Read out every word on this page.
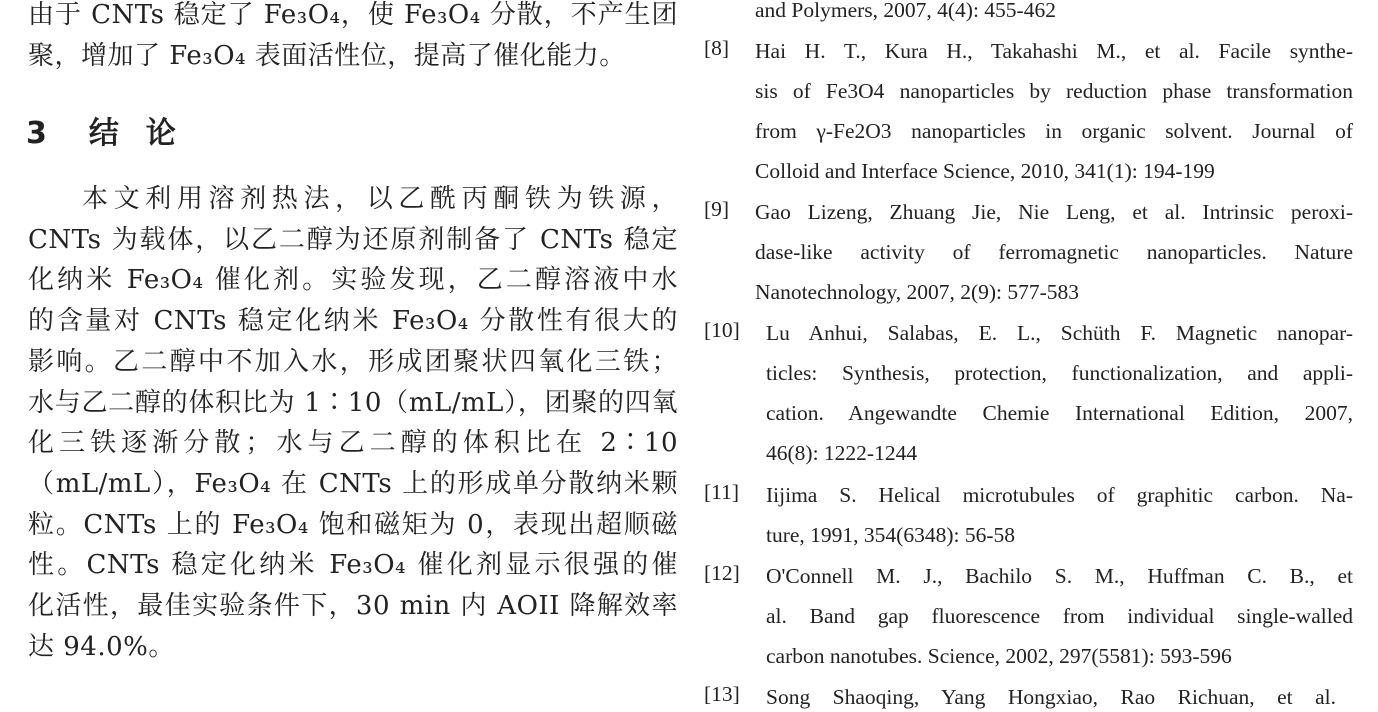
由于 CNTs 稳定了 Fe₃O₄，使 Fe₃O₄ 分散，不产生团
聚，增加了 Fe₃O₄ 表面活性位，提高了催化能力。
3 结  论
本文利用溶剂热法，以乙酰丙酮铁为铁源，
CNTs 为载体，以乙二醇为还原剂制备了 CNTs 稳定
化纳米 Fe₃O₄ 催化剂。实验发现，乙二醇溶液中水
的含量对 CNTs 稳定化纳米 Fe₃O₄ 分散性有很大的
影响。乙二醇中不加入水，形成团聚状四氧化三铁；
水与乙二醇的体积比为 1∶10（mL/mL），团聚的四氧
化三铁逐渐分散；水与乙二醇的体积比在 2∶10
（mL/mL），Fe₃O₄ 在 CNTs 上的形成单分散纳米颗
粒。CNTs 上的 Fe₃O₄ 饱和磁矩为 0，表现出超顺磁
性。CNTs 稳定化纳米 Fe₃O₄ 催化剂显示很强的催
化活性，最佳实验条件下，30 min 内 AOII 降解效率
达 94.0%。
and Polymers, 2007, 4(4): 455-462
[8] Hai H. T., Kura H., Takahashi M., et al. Facile synthe-
sis of Fe3O4 nanoparticles by reduction phase transformation
from γ-Fe2O3 nanoparticles in organic solvent. Journal of
Colloid and Interface Science, 2010, 341(1): 194-199
[9] Gao Lizeng, Zhuang Jie, Nie Leng, et al. Intrinsic peroxi-
dase-like activity of ferromagnetic nanoparticles. Nature
Nanotechnology, 2007, 2(9): 577-583
[10] Lu Anhui, Salabas, E. L., Schüth F. Magnetic nanopar-
ticles: Synthesis, protection, functionalization, and appli-
cation. Angewandte Chemie International Edition, 2007,
46(8): 1222-1244
[11] Iijima S. Helical microtubules of graphitic carbon. Na-
ture, 1991, 354(6348): 56-58
[12] O'Connell M. J., Bachilo S. M., Huffman C. B., et
al. Band gap fluorescence from individual single-walled
carbon nanotubes. Science, 2002, 297(5581): 593-596
[13] Song Shaoqing, Yang Hongxiao, Rao Richuan, et al.
